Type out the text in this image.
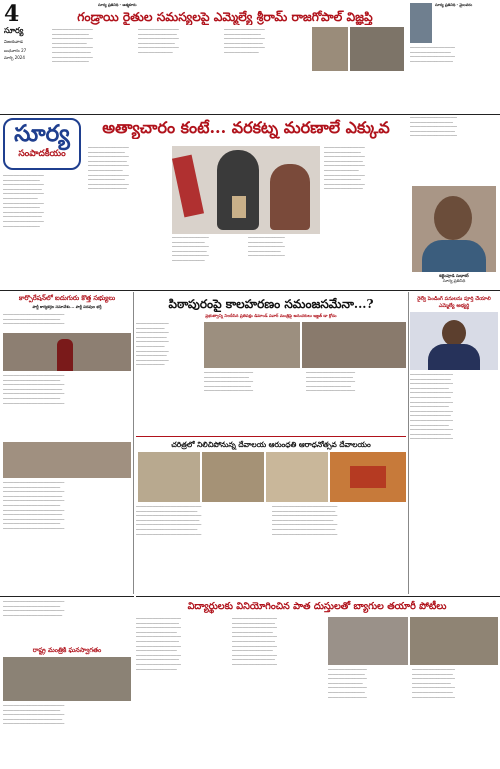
4
సూర్య
విజయవాడ
బుధవారం 27
మార్చి 2024
సూర్య ప్రతినిధి - ఆత్మకూరు
గండ్రాయి రైతుల సమస్యలపై ఎమ్మెల్యే శ్రీరామ్ రాజగోపాల్ విజ్ఞప్తి
────────────────────
──────────────────
────────────────────
─────────────────
────────────────────
───────────────────
────────────────────
──────────────────
────────────────────
───────────────────
────────────────────
──────────────────
────────────────────
─────────────────
────────────────────
──────────────────
────────────────────
───────────────────
────────────────────
─────────────────
సూర్య ప్రతినిధి - మైలవరం
──────────────────────
────────────────────
──────────────────────
─────────────────────
సూర్య
సంపాదకీయం
అత్యాచారం కంటే... వరకట్న మరణాలే ఎక్కువ
────────────────────
──────────────────
────────────────────
───────────────────
────────────────────
─────────────────
────────────────────
──────────────────
────────────────────
───────────────────
────────────────────
──────────────────
────────────────────
──────────────────
────────────────────
───────────────────
────────────────────
─────────────────
────────────────────
──────────────────
────────────────────
───────────────────
──────────────────
────────────────
──────────────────
─────────────────
──────────────────
────────────────
──────────────────
─────────────────
──────────────────
────────────────
──────────────────
────────────────────
──────────────────
────────────────────
───────────────────
────────────────────
─────────────────
────────────────────
──────────────────
────────────────────
───────────────────
───────────────────────
─────────────────────
───────────────────────
──────────────────────
───────────────────────
కట్టెంపూడి సుధాకర్
సూర్య ప్రతినిధి
కార్పొరేషన్‌లో ఐదుగురు కొత్త సభ్యులు
పార్టీ కార్యకర్తల సమావేశం... పార్టీ పదవుల భర్తీ
──────────────────────────────
────────────────────────────
──────────────────────────────
──────────────────────────────
────────────────────────────
──────────────────────────────
─────────────────────────────
──────────────────────────────
────────────────────────────
──────────────────────────────
──────────────────────────────
────────────────────────────
──────────────────────────────
─────────────────────────────
──────────────────────────────
────────────────────────────
──────────────────────────────
─────────────────────────────
──────────────────────────────
────────────────────────────
──────────────────────────────
పిఠాపురంపై కాలహరణం సమంజసమేనా...?
ప్రభుత్వాన్ని నిలదీసిన ప్రతిపక్షం డిమాండ్ పవార్ మంత్రిపై అనుచరులు ఇజ్జత్ డా క్రోదం
────────────────
──────────────
────────────────
───────────────
────────────────
──────────────
────────────────
───────────────
────────────────
──────────────
────────────────────────
──────────────────────
────────────────────────
───────────────────────
────────────────────────
────────────────────────
───────────────────────
────────────────────────
──────────────────────
────────────────────────
రైల్వే పెండింగ్ పనులను పూర్తి చేయాలి ఎమ్మెల్యే అభ్యర్థి
─────────────────────
────────────────────
─────────────────────
───────────────────
─────────────────────
────────────────────
─────────────────────
───────────────────
─────────────────────
────────────────────
─────────────────────
───────────────────
─────────────────────
────────────────────
─────────────────────
చరిత్రలో నిలిచిపోనున్న దేవాలయ ఆరుంధతి ఆరాధనోత్సవ దేవాలయం
────────────────────────────────
──────────────────────────────
────────────────────────────────
───────────────────────────────
────────────────────────────────
──────────────────────────────
────────────────────────────────
────────────────────────────────
───────────────────────────────
────────────────────────────────
──────────────────────────────
────────────────────────────────
───────────────────────────────
────────────────────────────────
విద్యార్థులకు వినియోగించిన పాత దుస్తులతో బ్యాగుల తయారీ పోటీలు
──────────────────────
─────────────────────
──────────────────────
────────────────────
──────────────────────
─────────────────────
──────────────────────
────────────────────
──────────────────────
─────────────────────
──────────────────────
────────────────────
──────────────────────
─────────────────────
──────────────────────
────────────────────
──────────────────────
─────────────────────
──────────────────────
────────────────────
──────────────────────
─────────────────────
──────────────────────
───────────────────
──────────────────
───────────────────
─────────────────
───────────────────
──────────────────
───────────────────
─────────────────────
────────────────────
─────────────────────
───────────────────
─────────────────────
────────────────────
─────────────────────
──────────────────────────────
────────────────────────────
──────────────────────────────
─────────────────────────────
రాష్ట్ర మంత్రికి ఘనస్వాగతం
──────────────────────────────
────────────────────────────
──────────────────────────────
─────────────────────────────
──────────────────────────────
